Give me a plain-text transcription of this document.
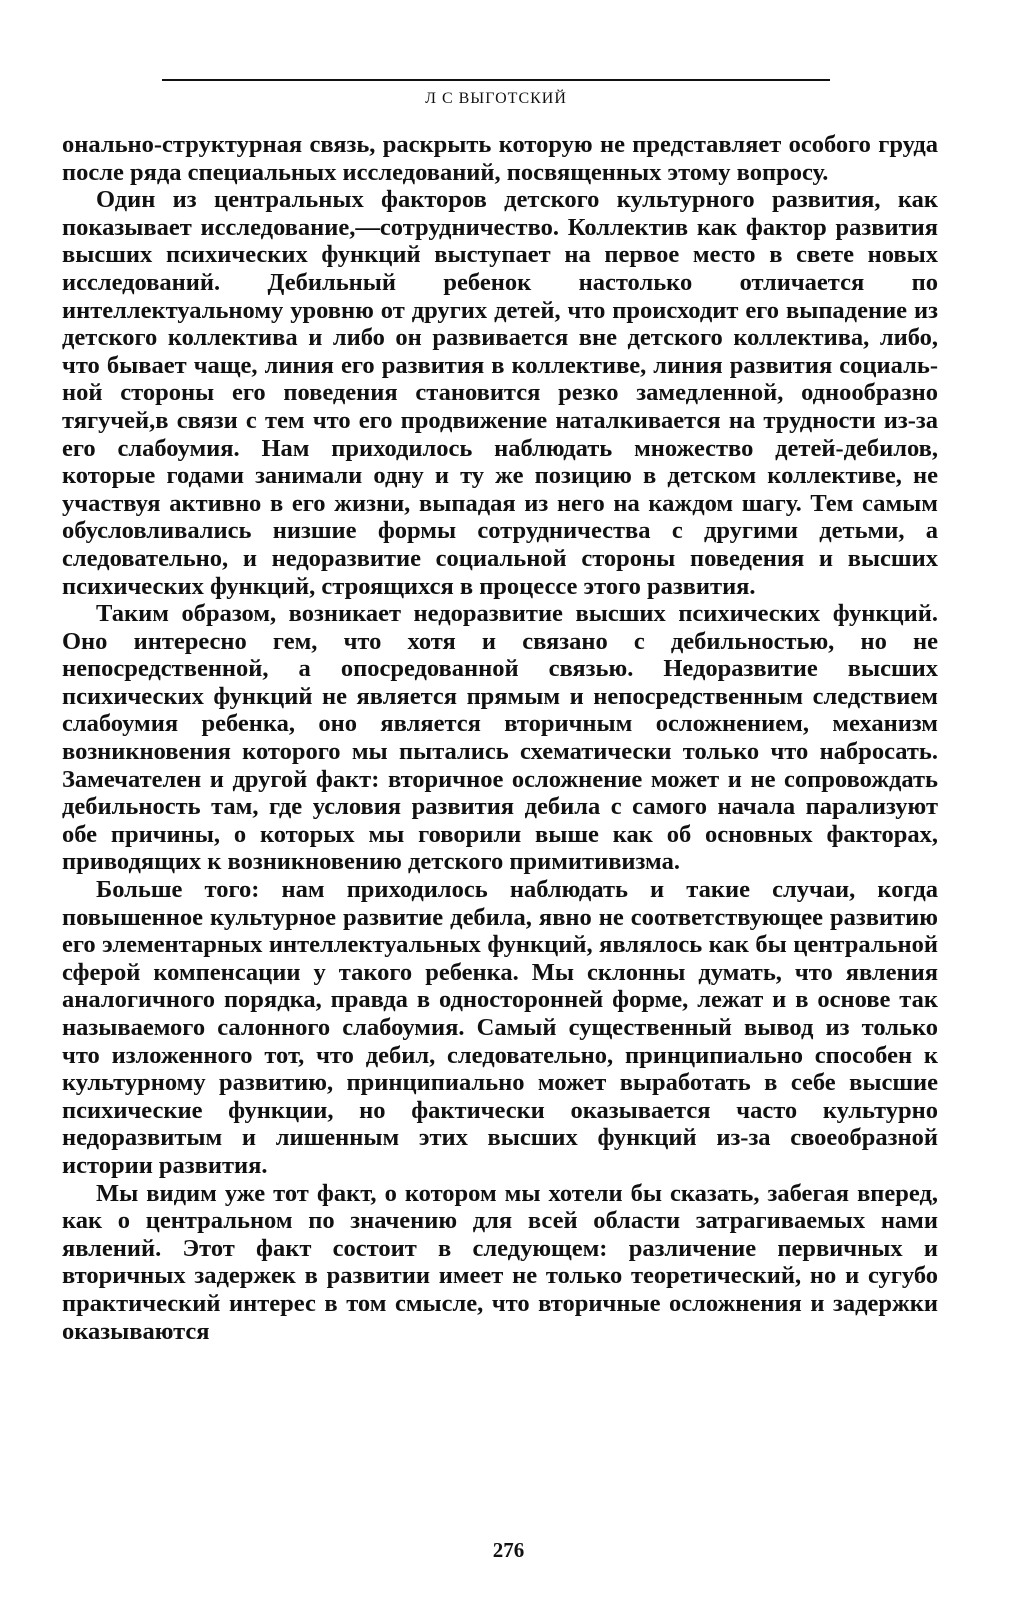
Л С ВЫГОТСКИЙ

онально-структурная связь, раскрыть которую не представляет особого груда после ряда специальных исследований, посвященных этому вопросу.

Один из центральных факторов детского культурного развития, как показывает исследование,—сотрудничество. Коллектив как фактор развития высших психических функций выступает на первое место в свете новых исследований. Дебильный ребенок настолько отличается по интеллектуальному уровню от других детей, что происходит его выпадение из детского коллектива и либо он развивается вне детского коллектива, либо, что бывает чаще, линия его развития в коллективе, линия развития социальной стороны его поведения становится резко замедленной, однообразно тягучей,в связи с тем что его продвижение наталкивается на трудности из-за его слабоумия. Нам приходилось наблюдать множество детей-дебилов, которые годами занимали одну и ту же позицию в детском коллективе, не участвуя активно в его жизни, выпадая из него на каждом шагу. Тем самым обусловливались низшие формы сотрудничества с другими детьми, а следовательно, и недоразвитие социальной стороны поведения и высших психических функций, строящихся в процессе этого развития.

Таким образом, возникает недоразвитие высших психических функций. Оно интересно гем, что хотя и связано с дебильностью, но не непосредственной, а опосредованной связью. Недоразвитие высших психических функций не является прямым и непосредственным следствием слабоумия ребенка, оно является вторичным осложнением, механизм возникновения которого мы пытались схематически только что набросать. Замечателен и другой факт: вторичное осложнение может и не сопровождать дебильность там, где условия развития дебила с самого начала парализуют обе причины, о которых мы говорили выше как об основных факторах, приводящих к возникновению детского примитивизма.

Больше того: нам приходилось наблюдать и такие случаи, когда повышенное культурное развитие дебила, явно не соответствующее развитию его элементарных интеллектуальных функций, являлось как бы центральной сферой компенсации у такого ребенка. Мы склонны думать, что явления аналогичного порядка, правда в односторонней форме, лежат и в основе так называемого салонного слабоумия. Самый существенный вывод из только что изложенного тот, что дебил, следовательно, принципиально способен к культурному развитию, принципиально может выработать в себе высшие психические функции, но фактически оказывается часто культурно недоразвитым и лишенным этих высших функций из-за своеобразной истории развития.

Мы видим уже тот факт, о котором мы хотели бы сказать, забегая вперед, как о центральном по значению для всей области затрагиваемых нами явлений. Этот факт состоит в следующем: различение первичных и вторичных задержек в развитии имеет не только теоретический, но и сугубо практический интерес в том смысле, что вторичные осложнения и задержки оказываются

276
